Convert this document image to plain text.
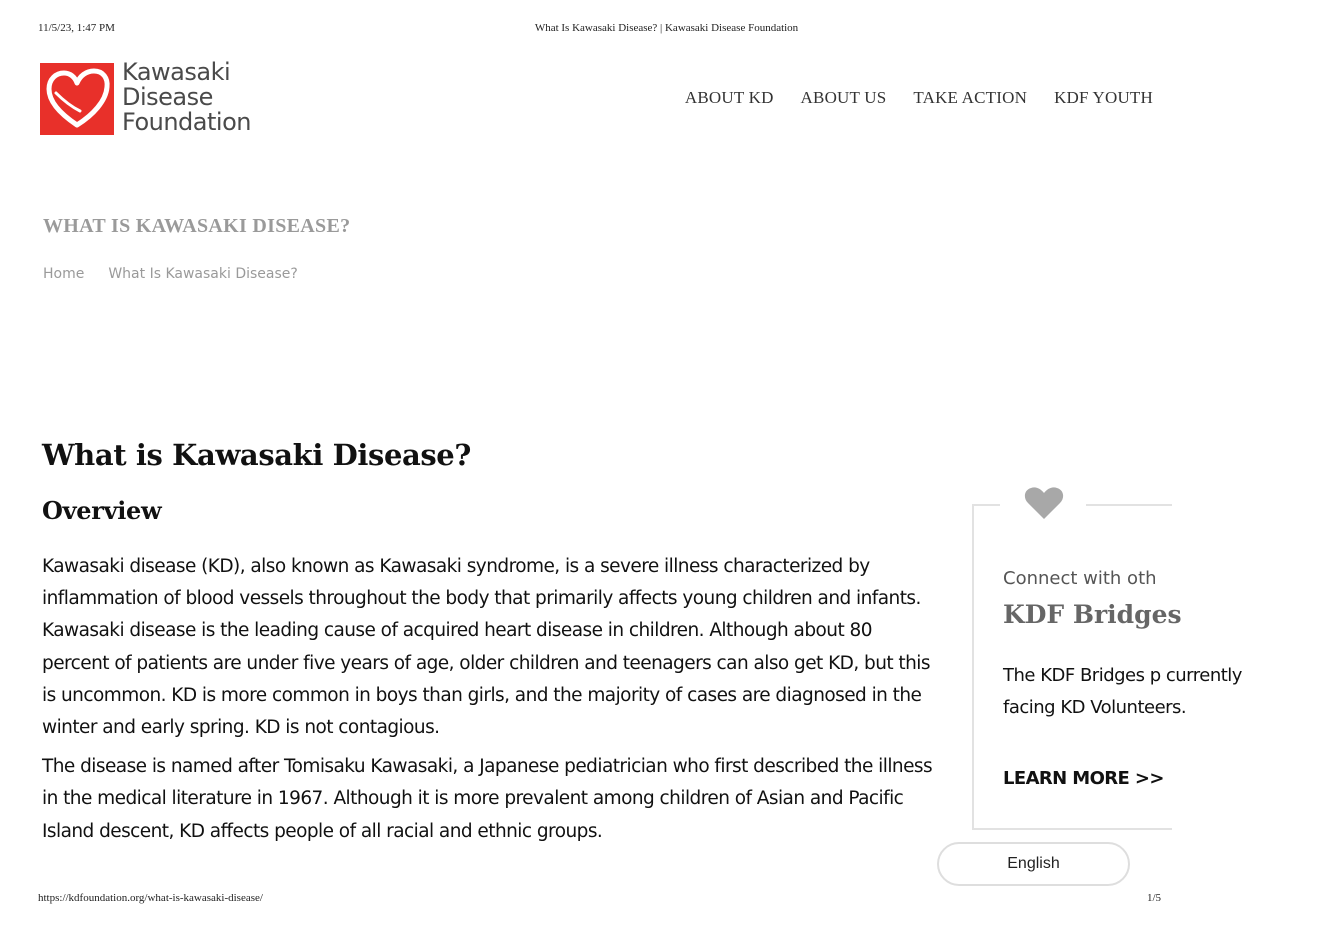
11/5/23, 1:47 PM	What Is Kawasaki Disease? | Kawasaki Disease Foundation
Kawasaki
Disease
Foundation
ABOUT KD ABOUT US TAKE ACTION KDF YOUTH
WHAT IS KAWASAKI DISEASE?
Home What Is Kawasaki Disease?
What is Kawasaki Disease?
Overview

Kawasaki disease (KD), also known as Kawasaki syndrome, is a severe illness characterized by inflammation of blood vessels throughout the body that primarily affects young children and infants. Kawasaki disease is the leading cause of acquired heart disease in children. Although about 80 percent of patients are under five years of age, older children and teenagers can also get KD, but this is uncommon. KD is more common in boys than girls, and the majority of cases are diagnosed in the winter and early spring. KD is not contagious.

The disease is named after Tomisaku Kawasaki, a Japanese pediatrician who first described the illness in the medical literature in 1967. Although it is more prevalent among children of Asian and Pacific Island descent, KD affects people of all racial and ethnic groups.

Connect with oth
KDF Bridges
The KDF Bridges p currently facing KD Volunteers.
LEARN MORE >>
English
https://kdfoundation.org/what-is-kawasaki-disease/	1/5
